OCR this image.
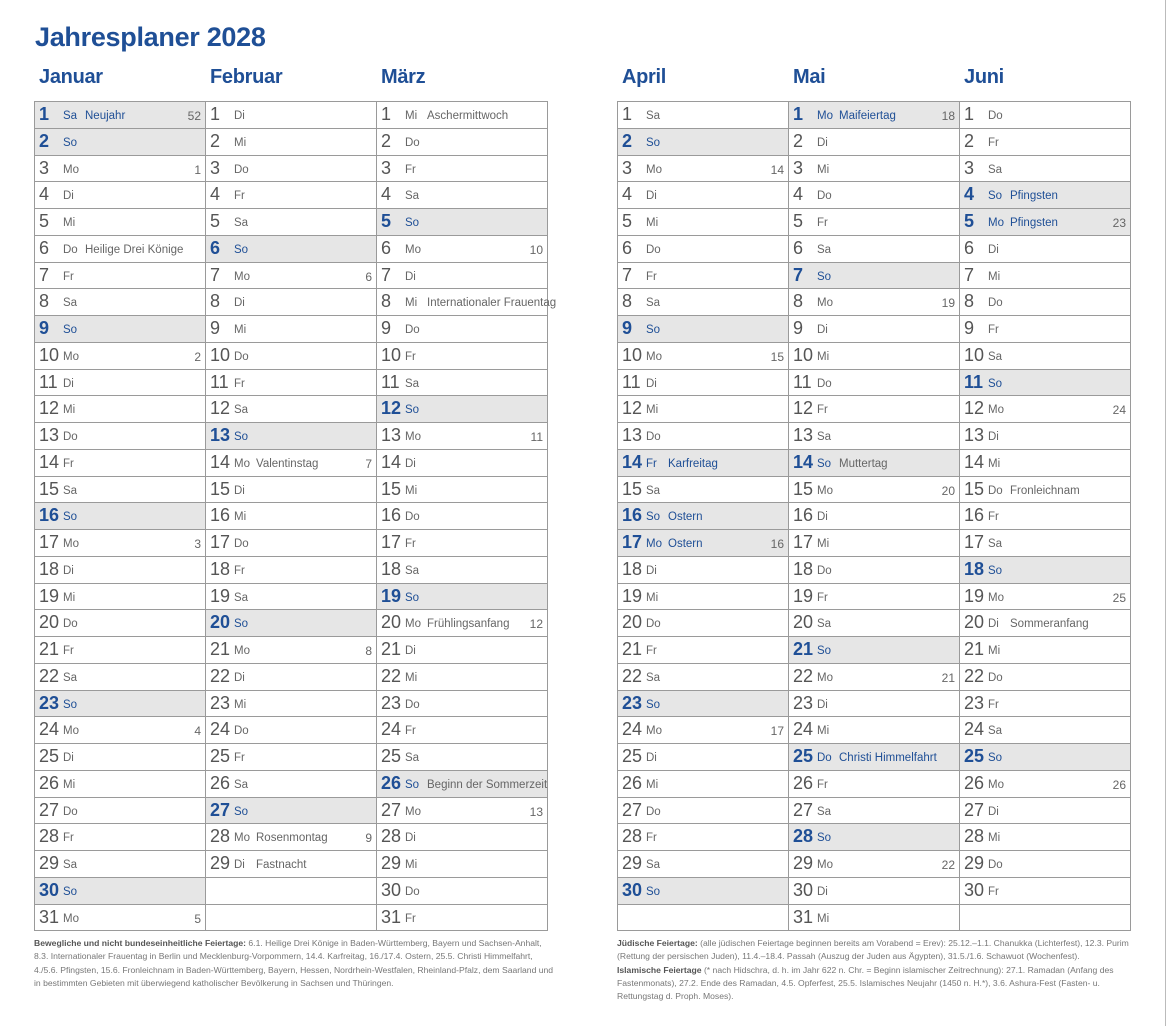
Jahresplaner 2028
Januar
1 Sa Neujahr	52
2 So
3 Mo	1
4 Di
5 Mi
6 Do Heilige Drei Könige
7 Fr
8 Sa
9 So
10 Mo	2
11 Di
12 Mi
13 Do
14 Fr
15 Sa
16 So
17 Mo	3
18 Di
19 Mi
20 Do
21 Fr
22 Sa
23 So
24 Mo	4
25 Di
26 Mi
27 Do
28 Fr
29 Sa
30 So
31 Mo	5
Februar
1 Di
2 Mi
3 Do
4 Fr
5 Sa
6 So
7 Mo	6
8 Di
9 Mi
10 Do
11 Fr
12 Sa
13 So
14 Mo Valentinstag	7
15 Di
16 Mi
17 Do
18 Fr
19 Sa
20 So
21 Mo	8
22 Di
23 Mi
24 Do
25 Fr
26 Sa
27 So
28 Mo Rosenmontag	9
29 Di Fastnacht
März
1 Mi Aschermittwoch
2 Do
3 Fr
4 Sa
5 So
6 Mo	10
7 Di
8 Mi Internationaler Frauentag
9 Do
10 Fr
11 Sa
12 So
13 Mo	11
14 Di
15 Mi
16 Do
17 Fr
18 Sa
19 So
20 Mo Frühlingsanfang 12
21 Di
22 Mi
23 Do
24 Fr
25 Sa
26 So Beginn der Sommerzeit
27 Mo	13
28 Di
29 Mi
30 Do
31 Fr
April
1 Sa
2 So
3 Mo	14
4 Di
5 Mi
6 Do
7 Fr
8 Sa
9 So
10 Mo	15
11 Di
12 Mi
13 Do
14 Fr Karfreitag
15 Sa
16 So Ostern
17 Mo Ostern	16
18 Di
19 Mi
20 Do
21 Fr
22 Sa
23 So
24 Mo	17
25 Di
26 Mi
27 Do
28 Fr
29 Sa
30 So
Mai
1 Mo Maifeiertag	18
2 Di
3 Mi
4 Do
5 Fr
6 Sa
7 So
8 Mo	19
9 Di
10 Mi
11 Do
12 Fr
13 Sa
14 So Muttertag
15 Mo	20
16 Di
17 Mi
18 Do
19 Fr
20 Sa
21 So
22 Mo	21
23 Di
24 Mi
25 Do Christi Himmelfahrt
26 Fr
27 Sa
28 So
29 Mo	22
30 Di
31 Mi
Juni
1 Do
2 Fr
3 Sa
4 So Pfingsten
5 Mo Pfingsten	23
6 Di
7 Mi
8 Do
9 Fr
10 Sa
11 So
12 Mo	24
13 Di
14 Mi
15 Do Fronleichnam
16 Fr
17 Sa
18 So
19 Mo	25
20 Di Sommeranfang
21 Mi
22 Do
23 Fr
24 Sa
25 So
26 Mo	26
27 Di
28 Mi
29 Do
30 Fr
Bewegliche und nicht bundeseinheitliche Feiertage: 6.1. Heilige Drei Könige in Baden-Württemberg, Bayern und Sachsen-Anhalt, 8.3. Internationaler Frauentag in Berlin und Mecklenburg-Vorpommern, 14.4. Karfreitag, 16./17.4. Ostern, 25.5. Christi Himmelfahrt, 4./5.6. Pfingsten, 15.6. Fronleichnam in Baden-Württemberg, Bayern, Hessen, Nordrhein-Westfalen, Rheinland-Pfalz, dem Saarland und in bestimmten Gebieten mit überwiegend katholischer Bevölkerung in Sachsen und Thüringen.
Jüdische Feiertage: (alle jüdischen Feiertage beginnen bereits am Vorabend = Erev): 25.12.–1.1. Chanukka (Lichterfest), 12.3. Purim (Rettung der persischen Juden), 11.4.–18.4. Passah (Auszug der Juden aus Ägypten), 31.5./1.6. Schawuot (Wochenfest).
Islamische Feiertage (* nach Hidschra, d. h. im Jahr 622 n. Chr. = Beginn islamischer Zeitrechnung): 27.1. Ramadan (Anfang des Fastenmonats), 27.2. Ende des Ramadan, 4.5. Opferfest, 25.5. Islamisches Neujahr (1450 n. H.*), 3.6. Ashura-Fest (Fasten- u. Rettungstag d. Proph. Moses).
